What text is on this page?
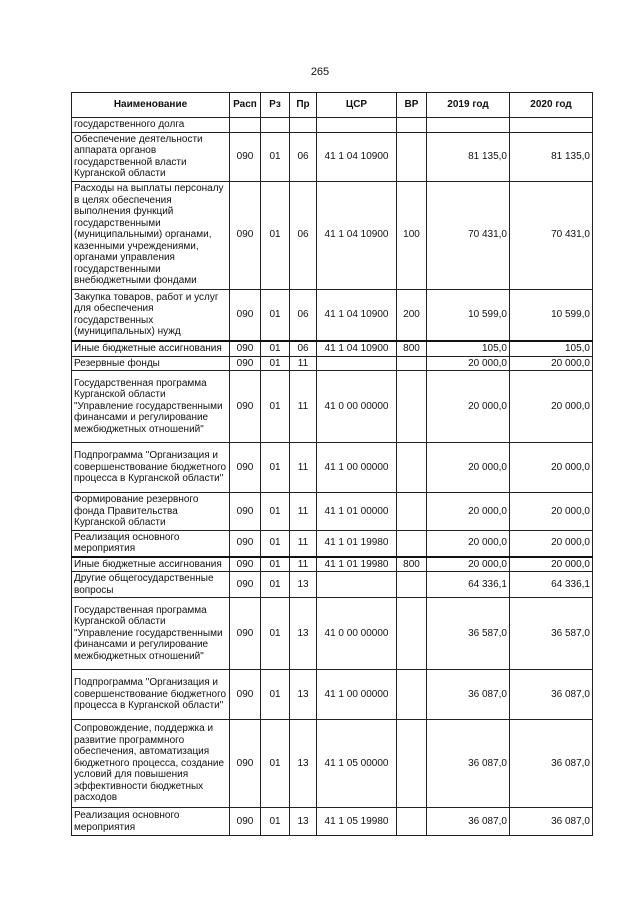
265
Наименование	Расп	Рз	Пр	ЦСР	ВР	2019 год	2020 год
государственного долга							
Обеспечение деятельности аппарата органов государственной власти Курганской области	090	01	06	41 1 04 10900		81 135,0	81 135,0
Расходы на выплаты персоналу в целях обеспечения выполнения функций государственными (муниципальными) органами, казенными учреждениями, органами управления государственными внебюджетными фондами	090	01	06	41 1 04 10900	100	70 431,0	70 431,0
Закупка товаров, работ и услуг для обеспечения государственных (муниципальных) нужд	090	01	06	41 1 04 10900	200	10 599,0	10 599,0
Иные бюджетные ассигнования	090	01	06	41 1 04 10900	800	105,0	105,0
Резервные фонды	090	01	11			20 000,0	20 000,0
Государственная программа Курганской области "Управление государственными финансами и регулирование межбюджетных отношений"	090	01	11	41 0 00 00000		20 000,0	20 000,0
Подпрограмма "Организация и совершенствование бюджетного процесса в Курганской области"	090	01	11	41 1 00 00000		20 000,0	20 000,0
Формирование резервного фонда Правительства Курганской области	090	01	11	41 1 01 00000		20 000,0	20 000,0
Реализация основного мероприятия	090	01	11	41 1 01 19980		20 000,0	20 000,0
Иные бюджетные ассигнования	090	01	11	41 1 01 19980	800	20 000,0	20 000,0
Другие общегосударственные вопросы	090	01	13			64 336,1	64 336,1
Государственная программа Курганской области "Управление государственными финансами и регулирование межбюджетных отношений"	090	01	13	41 0 00 00000		36 587,0	36 587,0
Подпрограмма "Организация и совершенствование бюджетного процесса в Курганской области"	090	01	13	41 1 00 00000		36 087,0	36 087,0
Сопровождение, поддержка и развитие программного обеспечения, автоматизация бюджетного процесса, создание условий для повышения эффективности бюджетных расходов	090	01	13	41 1 05 00000		36 087,0	36 087,0
Реализация основного мероприятия	090	01	13	41 1 05 19980		36 087,0	36 087,0
